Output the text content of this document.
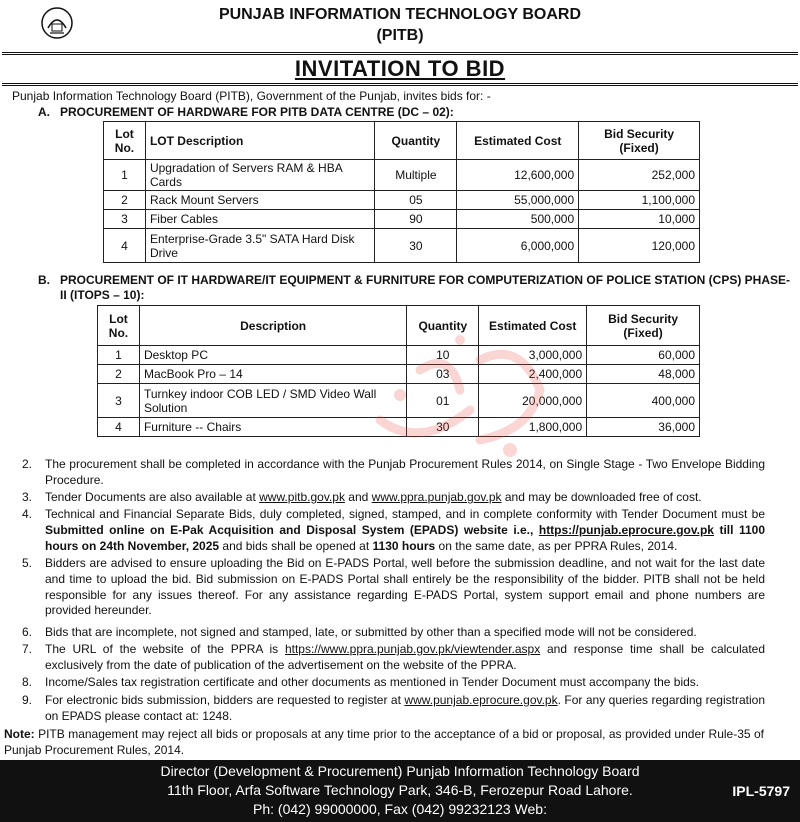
PUNJAB INFORMATION TECHNOLOGY BOARD
(PITB)
INVITATION TO BID
Punjab Information Technology Board (PITB), Government of the Punjab, invites bids for: -
A. PROCUREMENT OF HARDWARE FOR PITB DATA CENTRE (DC – 02):
Lot No.	LOT Description	Quantity	Estimated Cost	Bid Security (Fixed)
1	Upgradation of Servers RAM & HBA Cards	Multiple	12,600,000	252,000
2	Rack Mount Servers	05	55,000,000	1,100,000
3	Fiber Cables	90	500,000	10,000
4	Enterprise-Grade 3.5" SATA Hard Disk Drive	30	6,000,000	120,000
B. PROCUREMENT OF IT HARDWARE/IT EQUIPMENT & FURNITURE FOR COMPUTERIZATION OF POLICE STATION (CPS) PHASE-II (ITOPS – 10):
Lot No.	Description	Quantity	Estimated Cost	Bid Security (Fixed)
1	Desktop PC	10	3,000,000	60,000
2	MacBook Pro – 14	03	2,400,000	48,000
3	Turnkey indoor COB LED / SMD Video Wall Solution	01	20,000,000	400,000
4	Furniture -- Chairs	30	1,800,000	36,000
2.	The procurement shall be completed in accordance with the Punjab Procurement Rules 2014, on Single Stage - Two Envelope Bidding Procedure.
3.	Tender Documents are also available at www.pitb.gov.pk and www.ppra.punjab.gov.pk and may be downloaded free of cost.
4.	Technical and Financial Separate Bids, duly completed, signed, stamped, and in complete conformity with Tender Document must be Submitted online on E-Pak Acquisition and Disposal System (EPADS) website i.e., https://punjab.eprocure.gov.pk till 1100 hours on 24th November, 2025 and bids shall be opened at 1130 hours on the same date, as per PPRA Rules, 2014.
5.	Bidders are advised to ensure uploading the Bid on E-PADS Portal, well before the submission deadline, and not wait for the last date and time to upload the bid. Bid submission on E-PADS Portal shall entirely be the responsibility of the bidder. PITB shall not be held responsible for any issues thereof. For any assistance regarding E-PADS Portal, system support email and phone numbers are provided hereunder.
6.	Bids that are incomplete, not signed and stamped, late, or submitted by other than a specified mode will not be considered.
7.	The URL of the website of the PPRA is https://www.ppra.punjab.gov.pk/viewtender.aspx and response time shall be calculated exclusively from the date of publication of the advertisement on the website of the PPRA.
8.	Income/Sales tax registration certificate and other documents as mentioned in Tender Document must accompany the bids.
9.	For electronic bids submission, bidders are requested to register at www.punjab.eprocure.gov.pk. For any queries regarding registration on EPADS please contact at: 1248.
Note: PITB management may reject all bids or proposals at any time prior to the acceptance of a bid or proposal, as provided under Rule-35 of Punjab Procurement Rules, 2014.
Director (Development & Procurement) Punjab Information Technology Board
11th Floor, Arfa Software Technology Park, 346-B, Ferozepur Road Lahore.
Ph: (042) 99000000, Fax (042) 99232123 Web:
IPL-5797
